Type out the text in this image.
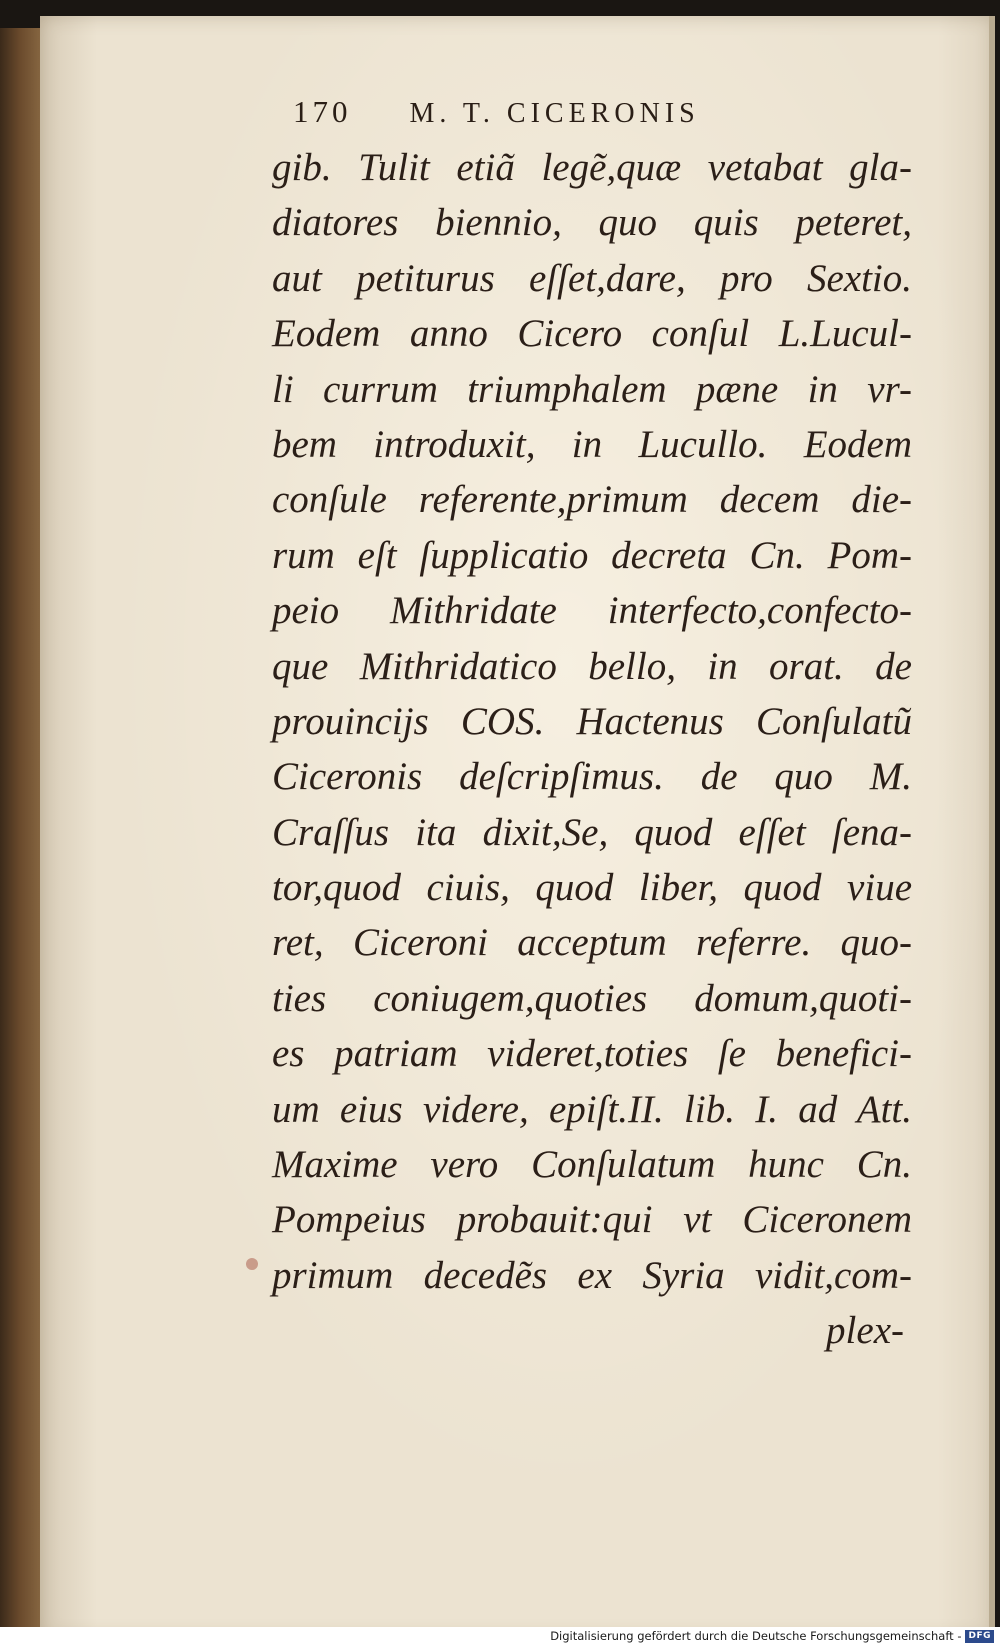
170 M. T. CICERONIS
gib. Tulit etiã legẽ,quæ vetabat gla-
diatores biennio, quo quis peteret,
aut petiturus eſſet,dare, pro Sextio.
Eodem anno Cicero conſul L.Lucul-
li currum triumphalem pæne in vr-
bem introduxit, in Lucullo. Eodem
conſule referente,primum decem die-
rum eſt ſupplicatio decreta Cn. Pom-
peio Mithridate interfecto,confecto-
que Mithridatico bello, in orat. de
prouincijs COS. Hactenus Conſulatũ
Ciceronis deſcripſimus. de quo M.
Craſſus ita dixit,Se, quod eſſet ſena-
tor,quod ciuis, quod liber, quod viue
ret, Ciceroni acceptum referre. quo-
ties coniugem,quoties domum,quoti-
es patriam videret,toties ſe benefici-
um eius videre, epiſt.II. lib. I. ad Att.
Maxime vero Conſulatum hunc Cn.
Pompeius probauit:qui vt Ciceronem
primum decedẽs ex Syria vidit,com-
plex-
Digitalisierung gefördert durch die Deutsche Forschungsgemeinschaft - DFG
